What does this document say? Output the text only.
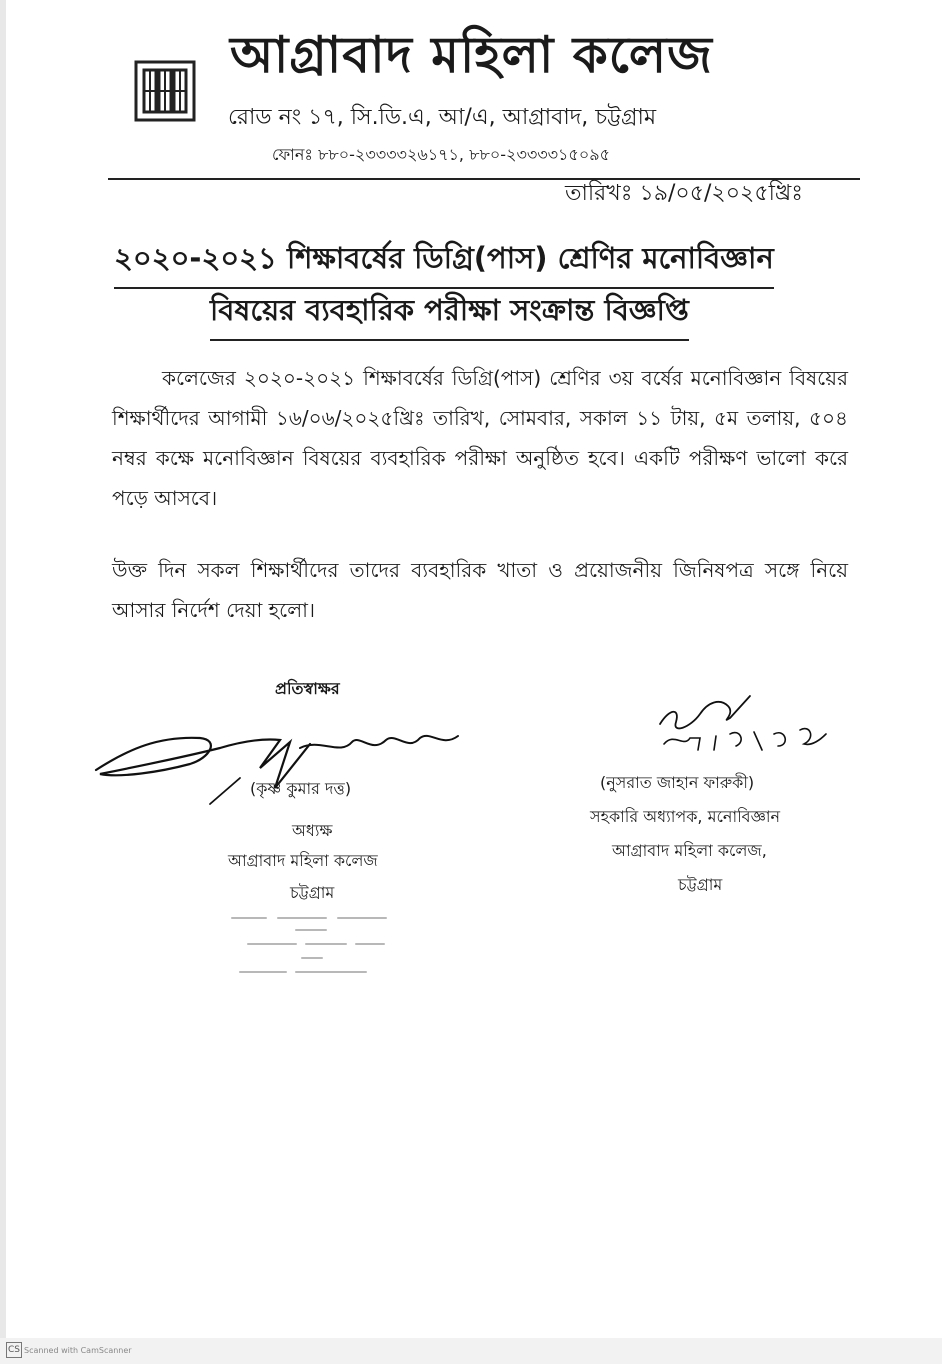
আগ্রাবাদ মহিলা কলেজ
রোড নং ১৭, সি.ডি.এ, আ/এ, আগ্রাবাদ, চট্টগ্রাম
ফোনঃ ৮৮০-২৩৩৩৩২৬১৭১, ৮৮০-২৩৩৩৩১৫০৯৫
তারিখঃ ১৯/০৫/২০২৫খ্রিঃ
২০২০-২০২১ শিক্ষাবর্ষের ডিগ্রি(পাস) শ্রেণির মনোবিজ্ঞান
বিষয়ের ব্যবহারিক পরীক্ষা সংক্রান্ত বিজ্ঞপ্তি
কলেজের ২০২০-২০২১ শিক্ষাবর্ষের ডিগ্রি(পাস) শ্রেণির ৩য় বর্ষের মনোবিজ্ঞান বিষয়ের শিক্ষার্থীদের আগামী ১৬/০৬/২০২৫খ্রিঃ তারিখ, সোমবার, সকাল ১১ টায়, ৫ম তলায়, ৫০৪ নম্বর কক্ষে মনোবিজ্ঞান বিষয়ের ব্যবহারিক পরীক্ষা অনুষ্ঠিত হবে। একটি পরীক্ষণ ভালো করে পড়ে আসবে।
উক্ত দিন সকল শিক্ষার্থীদের তাদের ব্যবহারিক খাতা ও প্রয়োজনীয় জিনিষপত্র সঙ্গে নিয়ে আসার নির্দেশ দেয়া হলো।
প্রতিস্বাক্ষর
(কৃষ্ণ কুমার দত্ত)
অধ্যক্ষ
আগ্রাবাদ মহিলা কলেজ
চট্টগ্রাম
(নুসরাত জাহান ফারুকী)
সহকারি অধ্যাপক, মনোবিজ্ঞান
আগ্রাবাদ মহিলা কলেজ,
চট্টগ্রাম
CS Scanned with CamScanner
